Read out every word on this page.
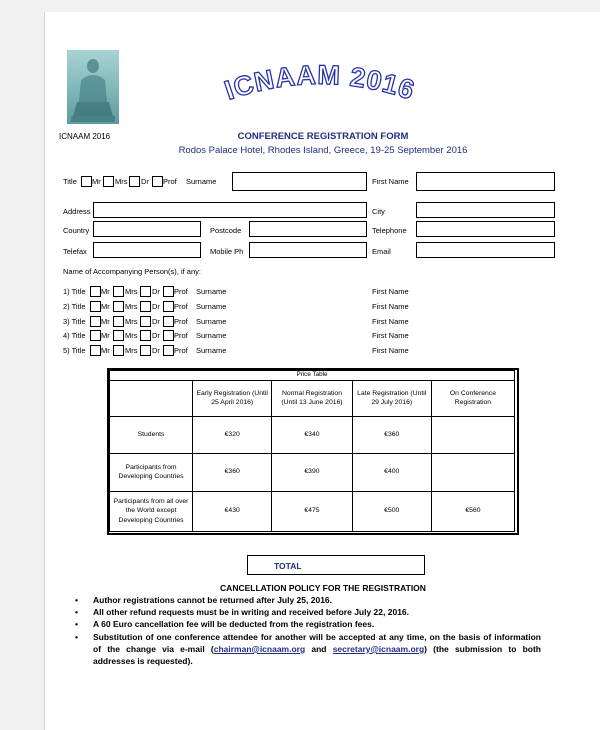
ICNAAM 2016
ICNAAM 2016
CONFERENCE REGISTRATION FORM
Rodos Palace Hotel, Rhodes Island, Greece, 19-25 September 2016
Title Mr Mrs Dr Prof Surname	First Name
Address	City
Country	Postcode	Telephone
Telefax	Mobile Ph	Email
Name of Accompanying Person(s), if any:
1) Title Mr Mrs Dr Prof Surname	First Name
2) Title Mr Mrs Dr Prof Surname	First Name
3) Title Mr Mrs Dr Prof Surname	First Name
4) Title Mr Mrs Dr Prof Surname	First Name
5) Title Mr Mrs Dr Prof Surname	First Name
Price Table				
	Early Registration (Until 25 April 2016)	Normal Registration (Until 13 June 2016)	Late Registration (Until 29 July 2016)	On Conference Registration
Students	€320	€340	€360	
Participants from Developing Countries	€360	€390	€400	
Participants from all over the World except Developing Countries	€430	€475	€500	€560
TOTAL
CANCELLATION POLICY FOR THE REGISTRATION
• Author registrations cannot be returned after July 25, 2016.
• All other refund requests must be in writing and received before July 22, 2016.
• A 60 Euro cancellation fee will be deducted from the registration fees.
• Substitution of one conference attendee for another will be accepted at any time, on the basis of information of the change via e-mail (chairman@icnaam.org and secretary@icnaam.org) (the submission to both addresses is requested).
